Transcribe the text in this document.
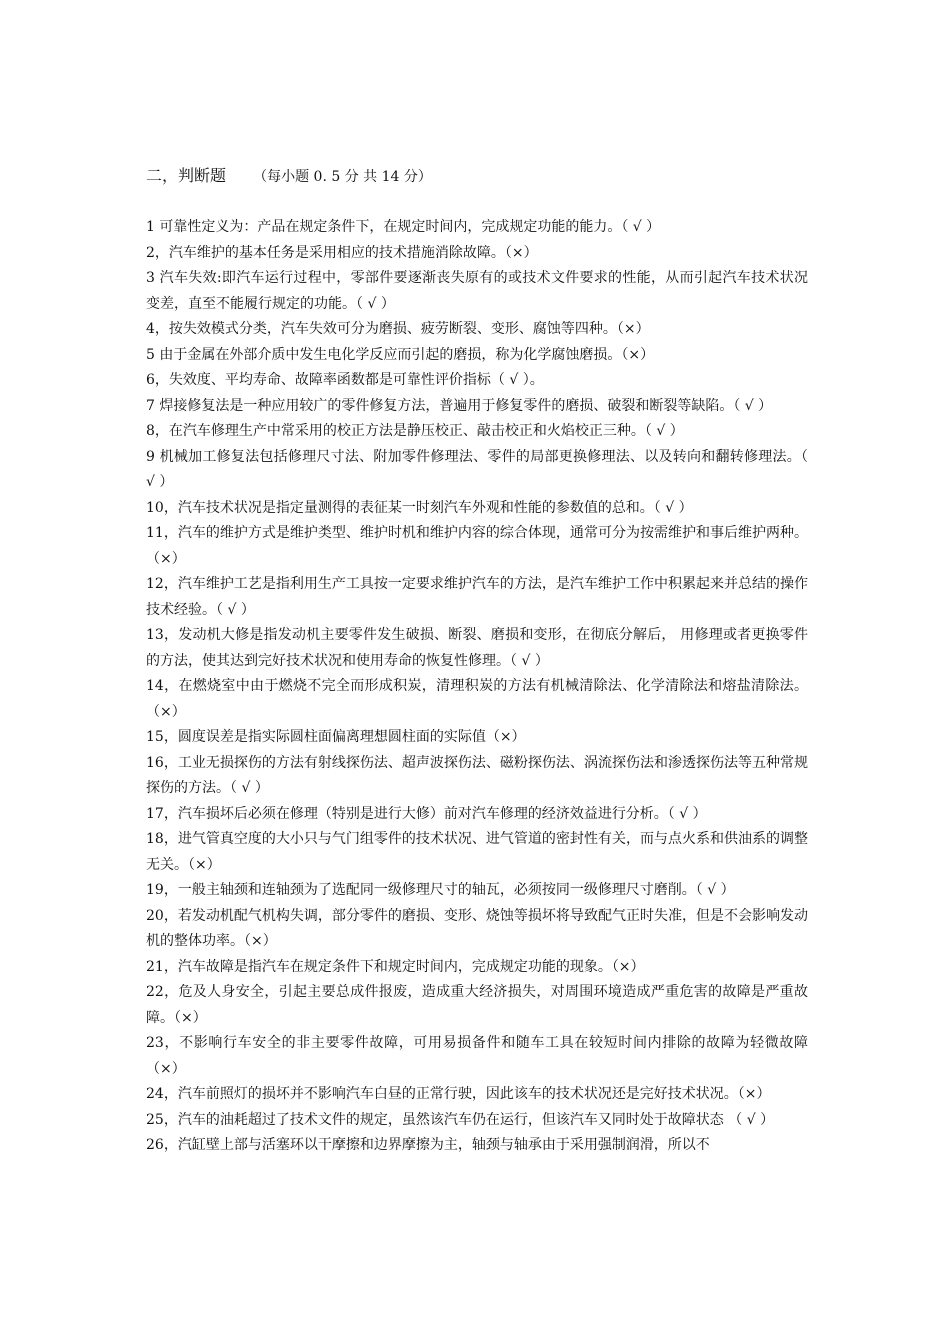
二，判断题 （每小题 0. 5 分 共 14 分）

1 可靠性定义为：产品在规定条件下，在规定时间内，完成规定功能的能力。（ √ ）

2，汽车维护的基本任务是采用相应的技术措施消除故障。（×）

3 汽车失效:即汽车运行过程中，零部件要逐渐丧失原有的或技术文件要求的性能，从而引起汽车技术状况变差，直至不能履行规定的功能。（ √ ）

4，按失效模式分类，汽车失效可分为磨损、疲劳断裂、变形、腐蚀等四种。（×）

5 由于金属在外部介质中发生电化学反应而引起的磨损，称为化学腐蚀磨损。（×）

6，失效度、平均寿命、故障率函数都是可靠性评价指标（ √ ）。

7 焊接修复法是一种应用较广的零件修复方法，普遍用于修复零件的磨损、破裂和断裂等缺陷。（ √ ）

8，在汽车修理生产中常采用的校正方法是静压校正、敲击校正和火焰校正三种。（ √ ）

9 机械加工修复法包括修理尺寸法、附加零件修理法、零件的局部更换修理法、以及转向和翻转修理法。（ √ ）

10，汽车技术状况是指定量测得的表征某一时刻汽车外观和性能的参数值的总和。（ √ ）

11，汽车的维护方式是维护类型、维护时机和维护内容的综合体现，通常可分为按需维护和事后维护两种。（×）

12，汽车维护工艺是指利用生产工具按一定要求维护汽车的方法，是汽车维护工作中积累起来并总结的操作技术经验。（ √ ）

13，发动机大修是指发动机主要零件发生破损、断裂、磨损和变形，在彻底分解后， 用修理或者更换零件的方法，使其达到完好技术状况和使用寿命的恢复性修理。（ √ ）

14，在燃烧室中由于燃烧不完全而形成积炭，清理积炭的方法有机械清除法、化学清除法和熔盐清除法。（×）

15，圆度误差是指实际圆柱面偏离理想圆柱面的实际值（×）

16，工业无损探伤的方法有射线探伤法、超声波探伤法、磁粉探伤法、涡流探伤法和渗透探伤法等五种常规探伤的方法。（ √ ）

17，汽车损坏后必须在修理（特别是进行大修）前对汽车修理的经济效益进行分析。（ √ ）

18，进气管真空度的大小只与气门组零件的技术状况、进气管道的密封性有关，而与点火系和供油系的调整无关。（×）

19，一般主轴颈和连轴颈为了选配同一级修理尺寸的轴瓦，必须按同一级修理尺寸磨削。（ √ ）

20，若发动机配气机构失调，部分零件的磨损、变形、烧蚀等损坏将导致配气正时失准，但是不会影响发动机的整体功率。（×）

21，汽车故障是指汽车在规定条件下和规定时间内，完成规定功能的现象。（×）

22，危及人身安全，引起主要总成件报废，造成重大经济损失，对周围环境造成严重危害的故障是严重故障。（×）

23，不影响行车安全的非主要零件故障，可用易损备件和随车工具在较短时间内排除的故障为轻微故障（×）

24，汽车前照灯的损坏并不影响汽车白昼的正常行驶，因此该车的技术状况还是完好技术状况。（×）

25，汽车的油耗超过了技术文件的规定，虽然该汽车仍在运行，但该汽车又同时处于故障状态 （ √ ）

26，汽缸壁上部与活塞环以干摩擦和边界摩擦为主，轴颈与轴承由于采用强制润滑，所以不
